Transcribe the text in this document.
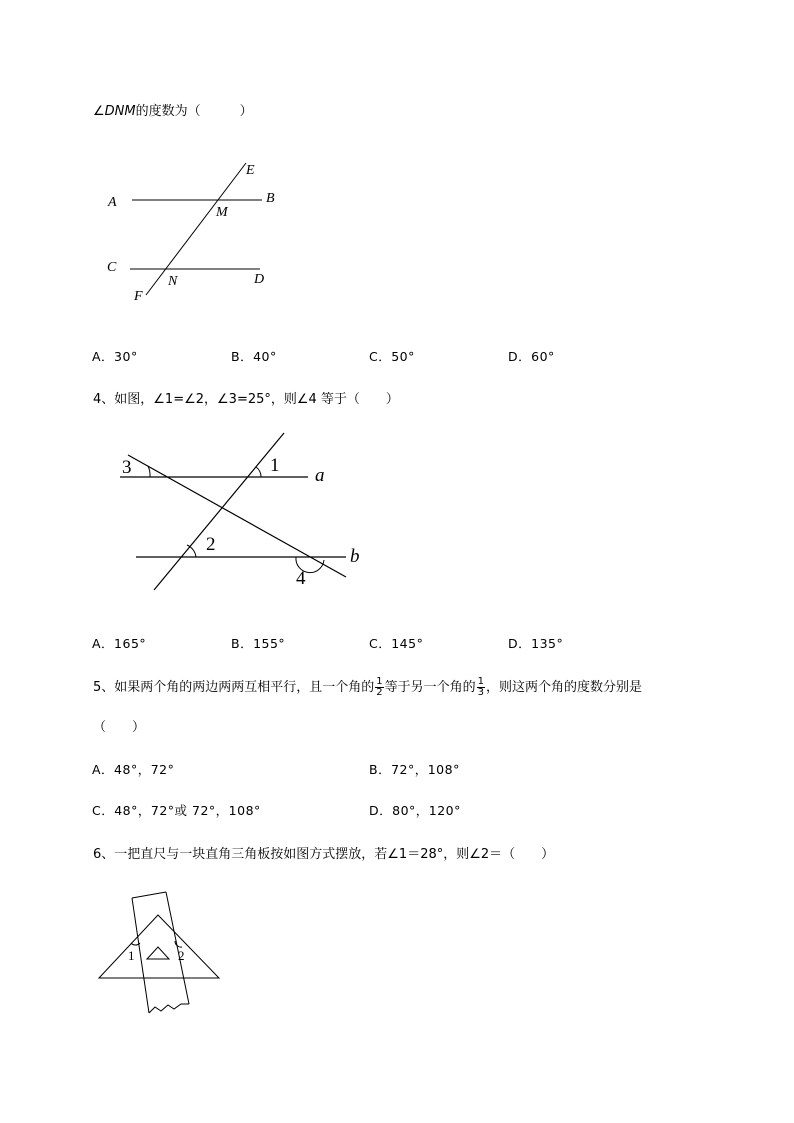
∠DNM的度数为（　　　）
A	B
C
D
E
F
M
N
A．30°	B．40°	C．50°	D．60°
4、如图，∠1=∠2，∠3=25°，则∠4 等于（　　）
3	1
2
4
a
b
A．165°	B．155°	C．145°	D．135°
5、如果两个角的两边两两互相平行，且一个角的 $\frac{1}{2}$ 等于另一个角的 $\frac{1}{3}$ ，则这两个角的度数分别是
（　　）
A．48°，72°	B．72°，108°
C．48°，72°或 72°，108°	D．80°，120°
6、一把直尺与一块直角三角板按如图方式摆放，若∠1＝28°，则∠2＝（　　）
1	2
